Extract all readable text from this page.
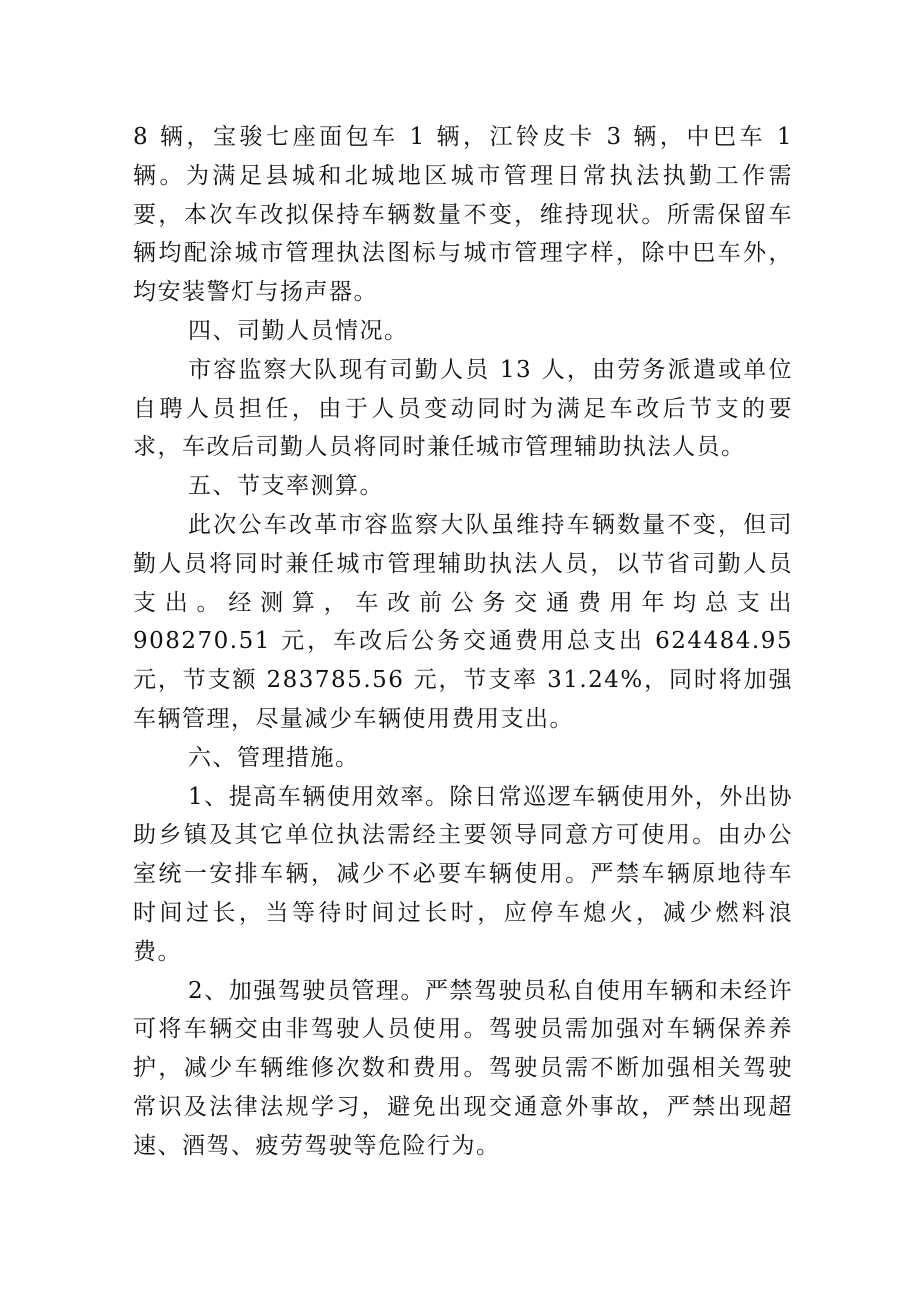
8 辆，宝骏七座面包车 1 辆，江铃皮卡 3 辆，中巴车 1 辆。为满足县城和北城地区城市管理日常执法执勤工作需要，本次车改拟保持车辆数量不变，维持现状。所需保留车辆均配涂城市管理执法图标与城市管理字样，除中巴车外，均安装警灯与扬声器。

四、司勤人员情况。

市容监察大队现有司勤人员 13 人，由劳务派遣或单位自聘人员担任，由于人员变动同时为满足车改后节支的要求，车改后司勤人员将同时兼任城市管理辅助执法人员。

五、节支率测算。

此次公车改革市容监察大队虽维持车辆数量不变，但司勤人员将同时兼任城市管理辅助执法人员，以节省司勤人员支出。经测算，车改前公务交通费用年均总支出 908270.51 元，车改后公务交通费用总支出 624484.95 元，节支额 283785.56 元，节支率 31.24%，同时将加强车辆管理，尽量减少车辆使用费用支出。

六、管理措施。

1、提高车辆使用效率。除日常巡逻车辆使用外，外出协助乡镇及其它单位执法需经主要领导同意方可使用。由办公室统一安排车辆，减少不必要车辆使用。严禁车辆原地待车时间过长，当等待时间过长时，应停车熄火，减少燃料浪费。

2、加强驾驶员管理。严禁驾驶员私自使用车辆和未经许可将车辆交由非驾驶人员使用。驾驶员需加强对车辆保养养护，减少车辆维修次数和费用。驾驶员需不断加强相关驾驶常识及法律法规学习，避免出现交通意外事故，严禁出现超速、酒驾、疲劳驾驶等危险行为。
